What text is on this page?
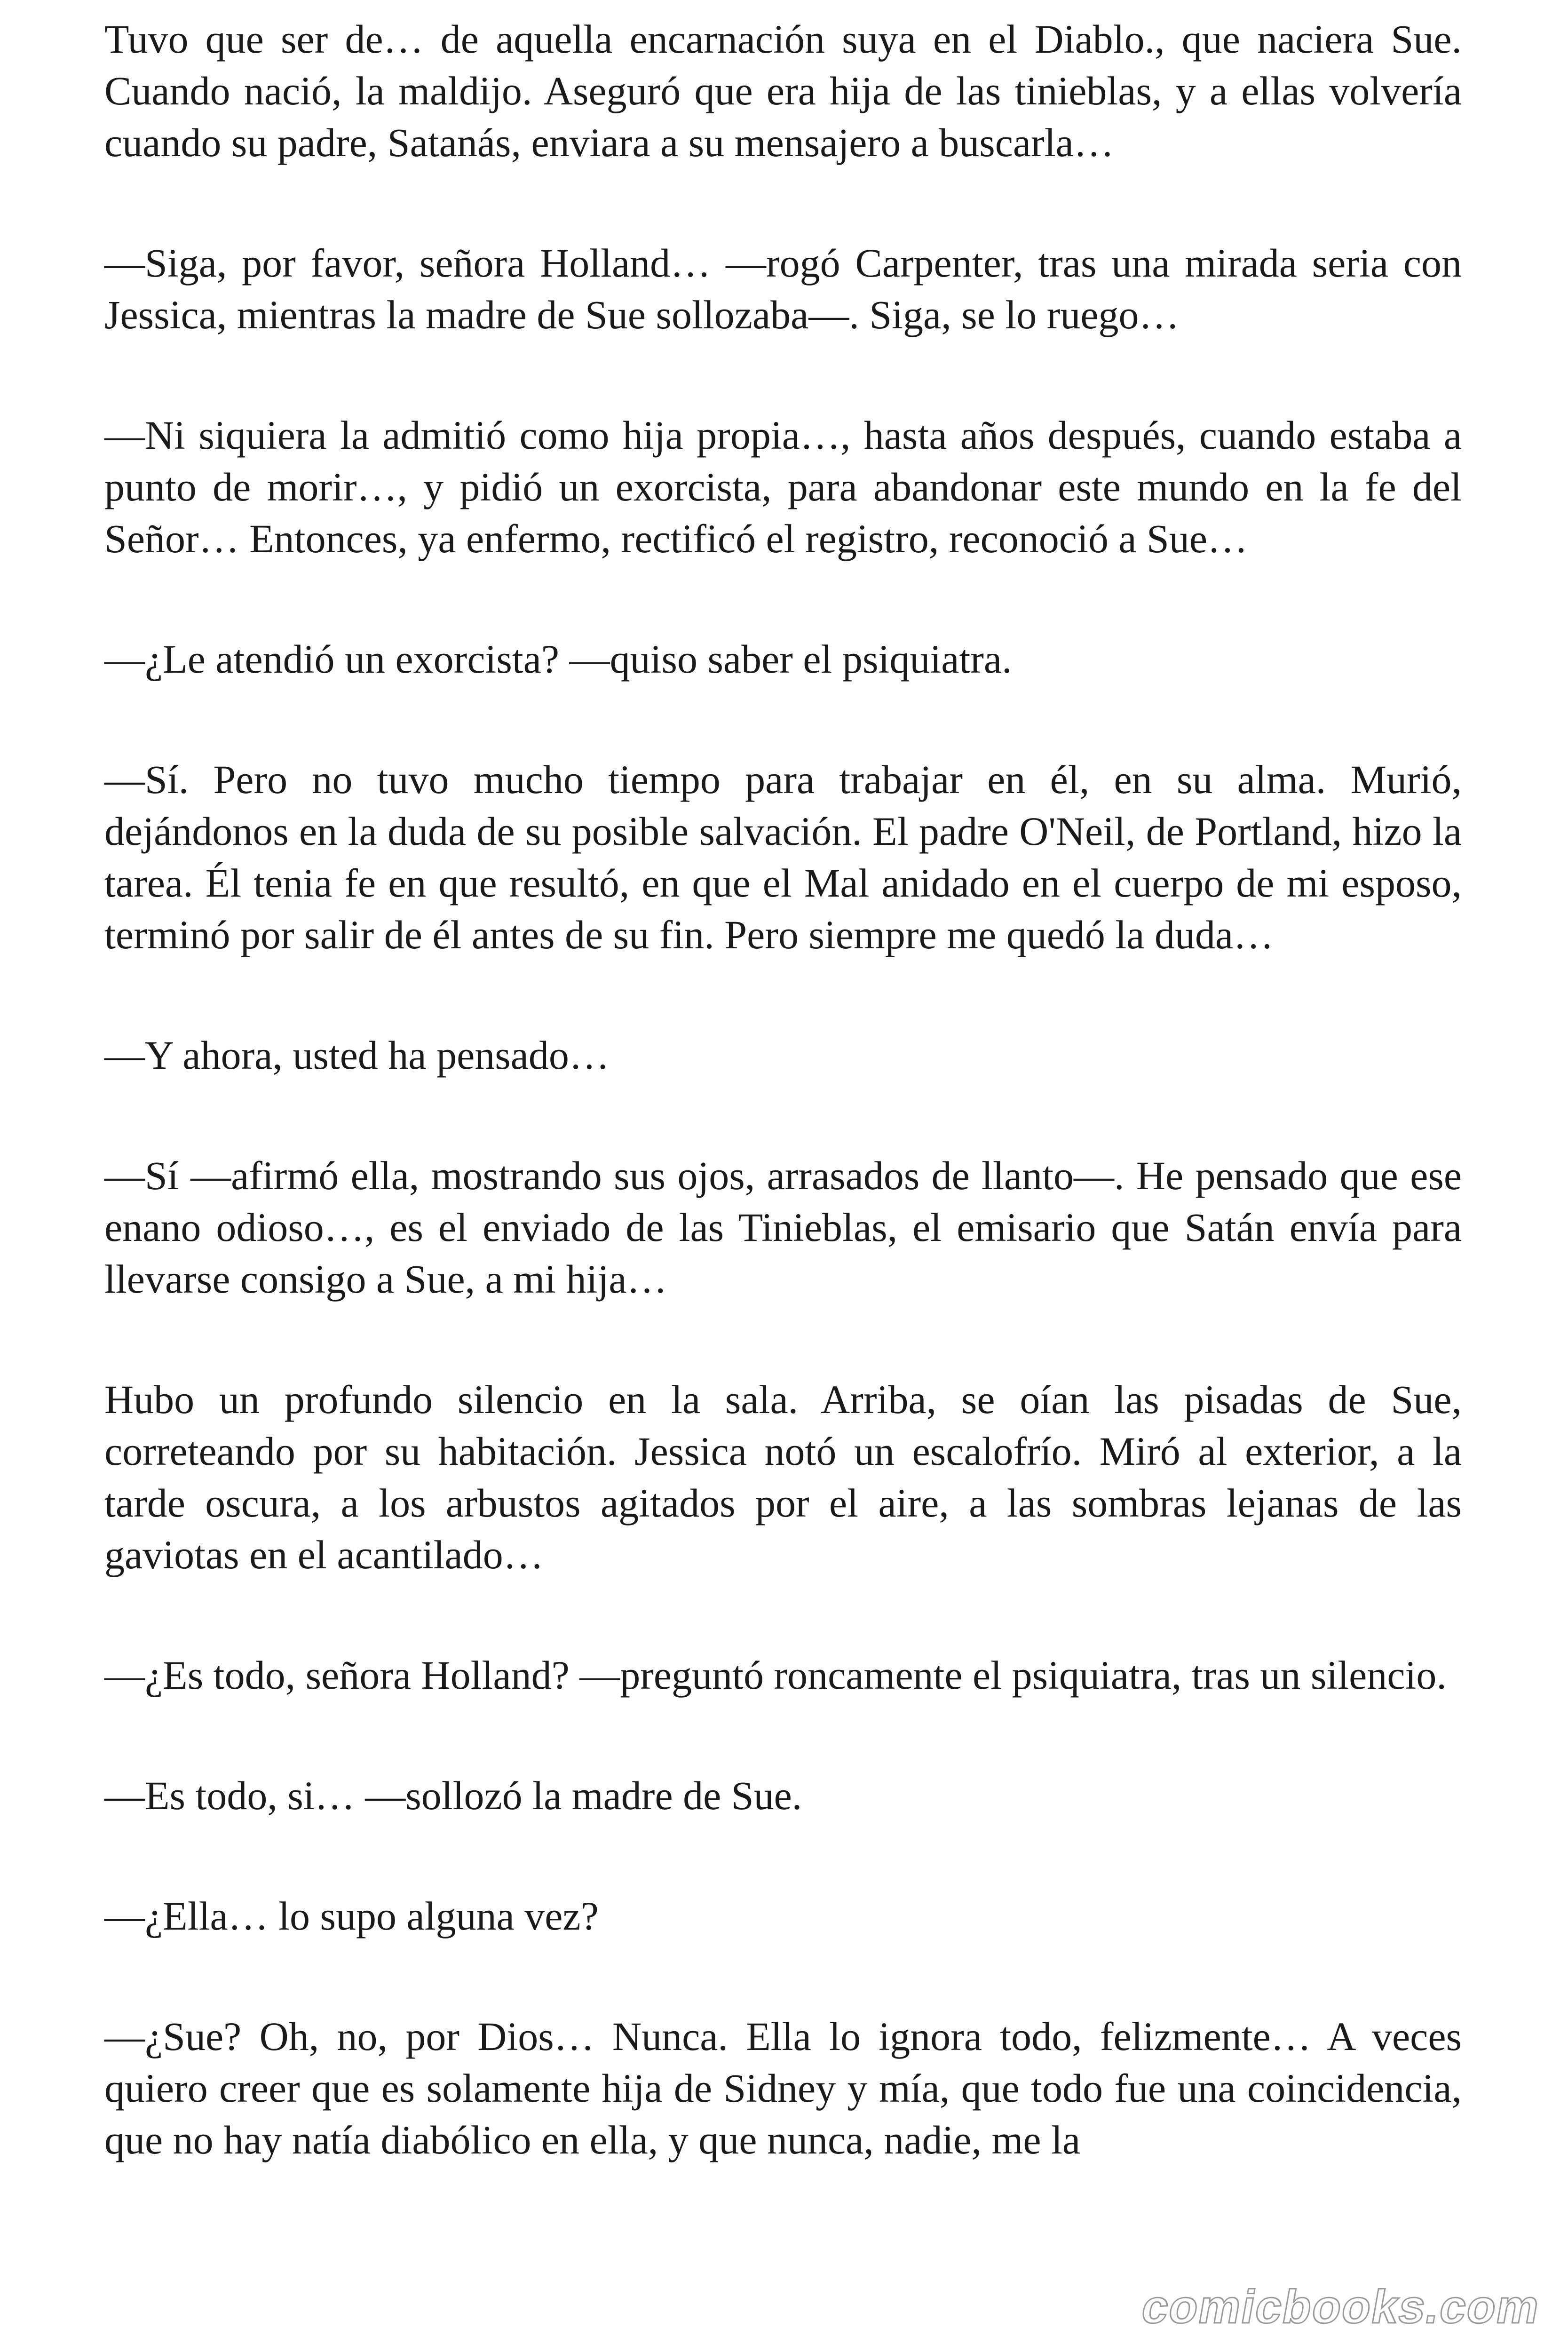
Tuvo que ser de… de aquella encarnación suya en el Diablo., que naciera Sue. Cuando nació, la maldijo. Aseguró que era hija de las tinieblas, y a ellas volvería cuando su padre, Satanás, enviara a su mensajero a buscarla…

—Siga, por favor, señora Holland… —rogó Carpenter, tras una mirada seria con Jessica, mientras la madre de Sue sollozaba—. Siga, se lo ruego…

—Ni siquiera la admitió como hija propia…, hasta años después, cuando estaba a punto de morir…, y pidió un exorcista, para abandonar este mundo en la fe del Señor… Entonces, ya enfermo, rectificó el registro, reconoció a Sue…

—¿Le atendió un exorcista? —quiso saber el psiquiatra.

—Sí. Pero no tuvo mucho tiempo para trabajar en él, en su alma. Murió, dejándonos en la duda de su posible salvación. El padre O'Neil, de Portland, hizo la tarea. Él tenia fe en que resultó, en que el Mal anidado en el cuerpo de mi esposo, terminó por salir de él antes de su fin. Pero siempre me quedó la duda…

—Y ahora, usted ha pensado…

—Sí —afirmó ella, mostrando sus ojos, arrasados de llanto—. He pensado que ese enano odioso…, es el enviado de las Tinieblas, el emisario que Satán envía para llevarse consigo a Sue, a mi hija…

Hubo un profundo silencio en la sala. Arriba, se oían las pisadas de Sue, correteando por su habitación. Jessica notó un escalofrío. Miró al exterior, a la tarde oscura, a los arbustos agitados por el aire, a las sombras lejanas de las gaviotas en el acantilado…

—¿Es todo, señora Holland? —preguntó roncamente el psiquiatra, tras un silencio.

—Es todo, si… —sollozó la madre de Sue.

—¿Ella… lo supo alguna vez?

—¿Sue? Oh, no, por Dios… Nunca. Ella lo ignora todo, felizmente… A veces quiero creer que es solamente hija de Sidney y mía, que todo fue una coincidencia, que no hay natía diabólico en ella, y que nunca, nadie, me la

comicbooks.com
